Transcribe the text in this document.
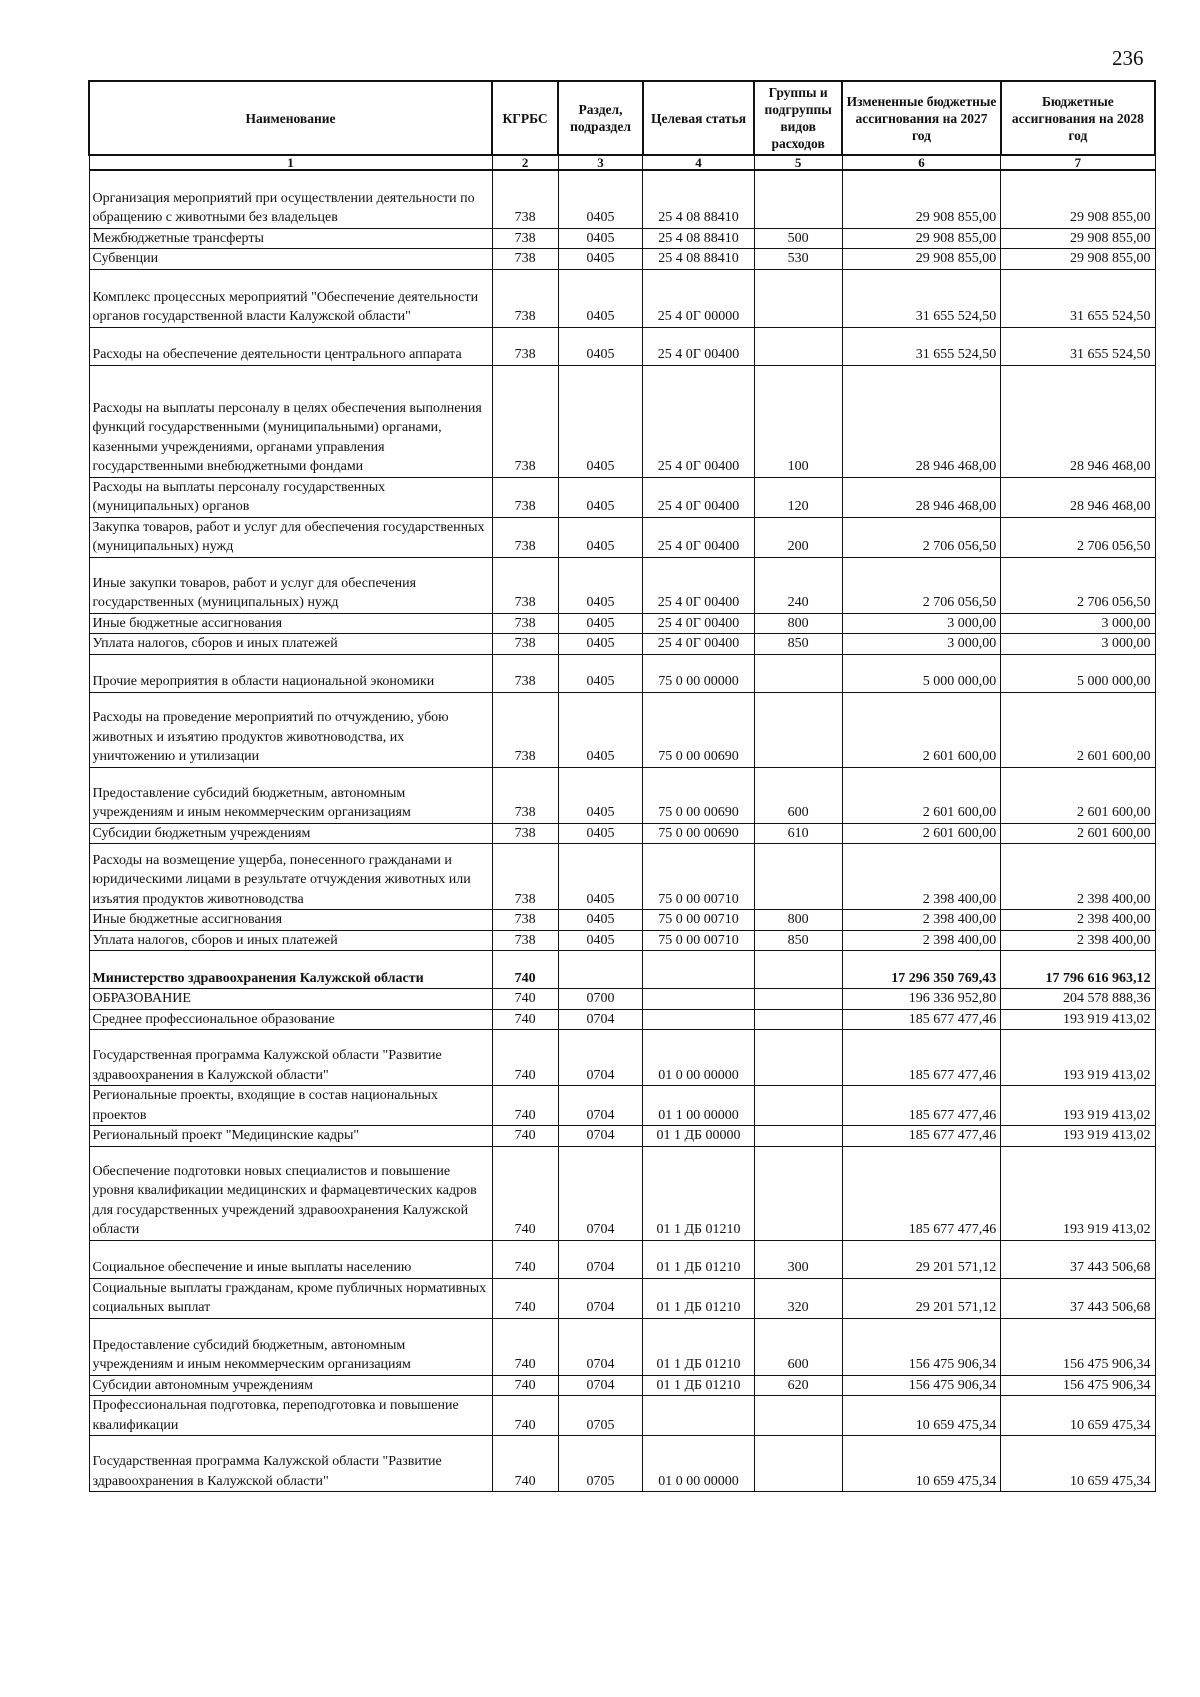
236
Наименование	КГРБС	Раздел, подраздел	Целевая статья	Группы и подгруппы видов расходов	Измененные бюджетные ассигнования на 2027 год	Бюджетные ассигнования на 2028 год
1	2	3	4	5	6	7
Организация мероприятий при осуществлении деятельности по обращению с животными без владельцев	738	0405	25 4 08 88410		29 908 855,00	29 908 855,00
Межбюджетные трансферты	738	0405	25 4 08 88410	500	29 908 855,00	29 908 855,00
Субвенции	738	0405	25 4 08 88410	530	29 908 855,00	29 908 855,00
Комплекс процессных мероприятий "Обеспечение деятельности органов государственной власти Калужской области"	738	0405	25 4 0Г 00000		31 655 524,50	31 655 524,50
Расходы на обеспечение деятельности центрального аппарата	738	0405	25 4 0Г 00400		31 655 524,50	31 655 524,50
Расходы на выплаты персоналу в целях обеспечения выполнения функций государственными (муниципальными) органами, казенными учреждениями, органами управления государственными внебюджетными фондами	738	0405	25 4 0Г 00400	100	28 946 468,00	28 946 468,00
Расходы на выплаты персоналу государственных (муниципальных) органов	738	0405	25 4 0Г 00400	120	28 946 468,00	28 946 468,00
Закупка товаров, работ и услуг для обеспечения государственных (муниципальных) нужд	738	0405	25 4 0Г 00400	200	2 706 056,50	2 706 056,50
Иные закупки товаров, работ и услуг для обеспечения государственных (муниципальных) нужд	738	0405	25 4 0Г 00400	240	2 706 056,50	2 706 056,50
Иные бюджетные ассигнования	738	0405	25 4 0Г 00400	800	3 000,00	3 000,00
Уплата налогов, сборов и иных платежей	738	0405	25 4 0Г 00400	850	3 000,00	3 000,00
Прочие мероприятия в области национальной экономики	738	0405	75 0 00 00000		5 000 000,00	5 000 000,00
Расходы на проведение мероприятий по отчуждению, убою животных и изъятию продуктов животноводства, их уничтожению и утилизации	738	0405	75 0 00 00690		2 601 600,00	2 601 600,00
Предоставление субсидий бюджетным, автономным учреждениям и иным некоммерческим организациям	738	0405	75 0 00 00690	600	2 601 600,00	2 601 600,00
Субсидии бюджетным учреждениям	738	0405	75 0 00 00690	610	2 601 600,00	2 601 600,00
Расходы на возмещение ущерба, понесенного гражданами и юридическими лицами в результате отчуждения животных или изъятия продуктов животноводства	738	0405	75 0 00 00710		2 398 400,00	2 398 400,00
Иные бюджетные ассигнования	738	0405	75 0 00 00710	800	2 398 400,00	2 398 400,00
Уплата налогов, сборов и иных платежей	738	0405	75 0 00 00710	850	2 398 400,00	2 398 400,00
Министерство здравоохранения Калужской области	740				17 296 350 769,43	17 796 616 963,12
ОБРАЗОВАНИЕ	740	0700			196 336 952,80	204 578 888,36
Среднее профессиональное образование	740	0704			185 677 477,46	193 919 413,02
Государственная программа Калужской области "Развитие здравоохранения в Калужской области"	740	0704	01 0 00 00000		185 677 477,46	193 919 413,02
Региональные проекты, входящие в состав национальных проектов	740	0704	01 1 00 00000		185 677 477,46	193 919 413,02
Региональный проект "Медицинские кадры"	740	0704	01 1 ДБ 00000		185 677 477,46	193 919 413,02
Обеспечение подготовки новых специалистов и повышение уровня квалификации медицинских и фармацевтических кадров для государственных учреждений здравоохранения Калужской области	740	0704	01 1 ДБ 01210		185 677 477,46	193 919 413,02
Социальное обеспечение и иные выплаты населению	740	0704	01 1 ДБ 01210	300	29 201 571,12	37 443 506,68
Социальные выплаты гражданам, кроме публичных нормативных социальных выплат	740	0704	01 1 ДБ 01210	320	29 201 571,12	37 443 506,68
Предоставление субсидий бюджетным, автономным учреждениям и иным некоммерческим организациям	740	0704	01 1 ДБ 01210	600	156 475 906,34	156 475 906,34
Субсидии автономным учреждениям	740	0704	01 1 ДБ 01210	620	156 475 906,34	156 475 906,34
Профессиональная подготовка, переподготовка и повышение квалификации	740	0705			10 659 475,34	10 659 475,34
Государственная программа Калужской области "Развитие здравоохранения в Калужской области"	740	0705	01 0 00 00000		10 659 475,34	10 659 475,34
